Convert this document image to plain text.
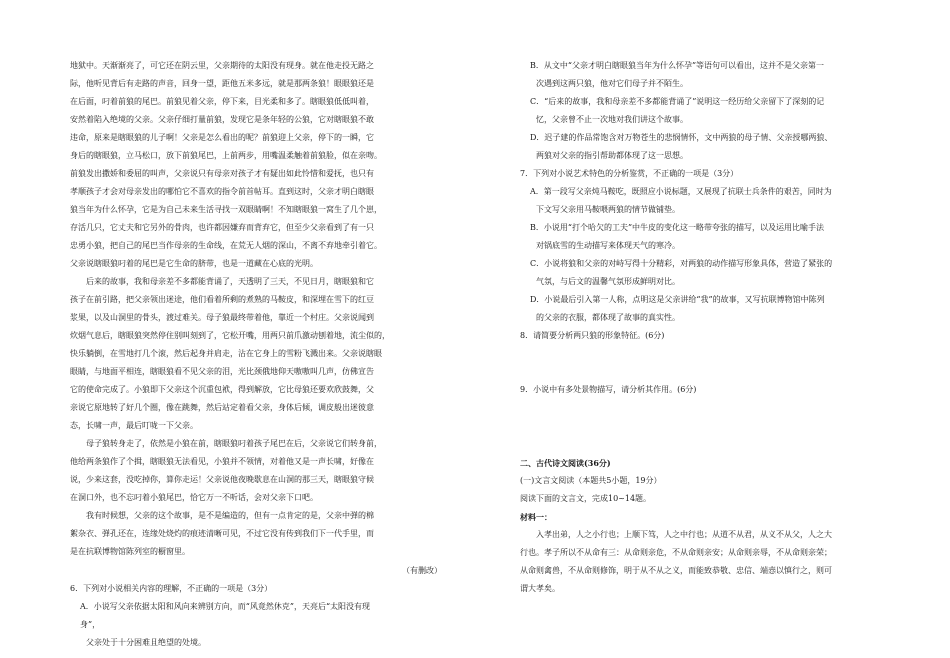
地狱中。天渐渐亮了，可它还在阴云里，父亲期待的太阳没有现身。就在他走投无路之
际，他听见背后有走路的声音，回身一望，距他五米多远，就是那两条狼！眼眼狼还是
在后面，叼着前狼的尾巴。前狼见着父亲，停下来，目光柔和多了。瞎眼狼低低叫着，
安然着陷入绝境的父亲。父亲仔细打量前狼，发现它是条年轻的公狼，它对瞎眼狼不敢
违命，原来是瞎眼狼的儿子啊！父亲是怎么看出的呢？前狼迎上父亲，停下的一瞬，它
身后的瞎眼狼，立马松口，放下前狼尾巴，上前两步，用嘴温柔触着前狼脸，似在亲吻。
前狼发出撒娇和委屈的叫声，父亲说只有母亲对孩子才有疑出如此怜惜和爱抚，也只有
孝顺孩子才会对母亲发出的哪怕它不喜欢的指令前首帖耳。直到这时，父亲才明白瞎眼
狼当年为什么怀孕，它是为自己未来生活寻找一双眼睛啊！不知瞎眼狼一窝生了几个崽，
存活几只，它丈夫和它另外的骨肉，也许都因嫌弃而背弃它，但至少父亲看到了有一只
忠勇小狼，把自己的尾巴当作母亲的生命线，在荒无人烟的深山，不离不弃地牵引着它。
父亲说瞎眼狼叼着的尾巴是它生命的脐带，也是一道藏在心底的光明。
后来的故事，我和母亲差不多都能背诵了，天透明了三天，不见日月，瞎眼狼和它
孩子在前引路，把父亲领出迷途，他们看着所剩的煮熟的马鞍皮，和深埋在雪下的红豆
浆果，以及山洞里的骨头，渡过难关。母子狼最终带着他，靠近一个村庄。父亲说闻到
炊烟气息后，瞎眼狼突然停住别叫刻到了，它松开嘴，用两只前爪激动刨着地，流尘似的，
快乐躺倒，在雪地打几个滚，然后起身并肩走，沾在它身上的雪粉飞溅出来。父亲说瞎眼
眼睛，与地面平相连，瞎眼狼看不见父亲的泪，光比颈俄地仰天嗷嗷叫几声，仿佛宣告
它的使命完成了。小狼即下父亲这个沉重包袱，得到解放，它比母狼还要欢欣鼓舞，父
亲说它原地转了好几个圈，像在跳舞，然后站定着看父亲，身体后倾，调皮般出迷彼意
态，长啸一声，最后叮咙一下父亲。
母子狼转身走了，依然是小狼在前，瞎眼狼叼着孩子尾巴在后，父亲说它们转身前，
他给两条狼作了个揖，瞎眼狼无法看见，小狼并不领情，对着他又是一声长啸，好像在
说，少来这套，没吃掉你，算你走运！父亲说他夜晚歇息在山洞的那三天，瞎眼狼守候
在洞口外，也不忘叼着小狼尾巴，恰它万一不听话，会对父亲下口吧。
我有时候想，父亲的这个故事，是不是编造的，但有一点肯定的是，父亲中弹的棉
絮杂衣、弹孔还在，连缘处烧灼的痕迹清晰可见，不过它没有传到我们下一代手里，而
是在抗联博物馆陈列室的橱窗里。
（有删改）
6．下列对小说相关内容的理解，不正确的一项是（3分）
A．小说写父亲依据太阳和风向来辨别方向，而“风竟然休克”，天亮后“太阳没有现
身”，
父亲处于十分困难且绝望的处境。
B．从文中“父亲才明白瞎眼狼当年为什么怀孕”等语句可以看出，这并不是父亲第一
次遇到这两只狼，他对它们母子并不陌生。
C．“后来的故事，我和母亲差不多都能背诵了”说明这一经历给父亲留下了深刻的记
忆，父亲曾不止一次地对我们讲这个故事。
D．迟子建的作品常饱含对万物苍生的悲悯情怀，文中两狼的母子情、父亲授哪两狼、
两狼对父亲的指引帮助都体现了这一思想。
7．下列对小说艺术特色的分析鉴赏，不正确的一项是（3分）
A．第一段写父亲炖马鞍吃，既照应小说标题，又展现了抗联士兵条件的艰苦，同时为
下文写父亲用马鞍喂两狼的情节做铺垫。
B．小说用“打个哈欠的工夫”中牛皮的变化这一略带夸张的描写，以及运用比喻手法
对锅底雪的生动描写来体现天气的寒冷。
C．小说将狼和父亲的对峙写得十分精彩，对两狼的动作描写形象具体，营造了紧张的
气氛，与后文的温馨气氛形成鲜明对比。
D．小说最后引入第一人称，点明这是父亲讲给“我”的故事，又写抗联博物馆中陈列
的父亲的衣服，都体现了故事的真实性。
8．请简要分析两只狼的形象特征。(6分)
9．小说中有多处景物描写，请分析其作用。(6分)
二、古代诗文阅读(36分)
(一)文言文阅读（本题共5小题，19分）
阅读下面的文言文，完成10~14题。
材料一：
入孝出弟，人之小行也；上顺下笃，人之中行也；从道不从君，从义不从父，人之大
行也。孝子所以不从命有三：从命则亲危，不从命则亲安；从命则亲辱，不从命则亲荣；
从命则禽兽，不从命则修饰，明于从不从之义，而能致恭敬、忠信、端悫以慎行之，则可
谓大孝矣。
